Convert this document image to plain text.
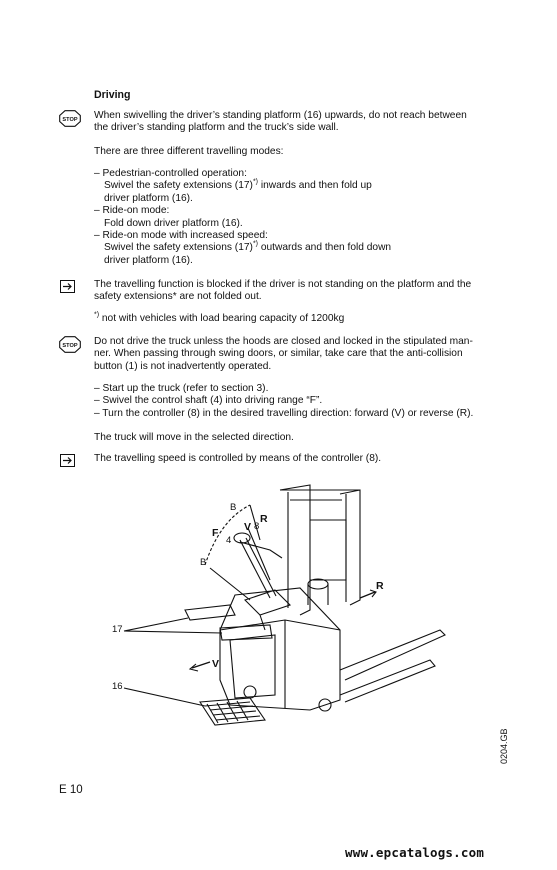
Driving
STOP When swivelling the driver’s standing platform (16) upwards, do not reach between
the driver’s standing platform and the truck’s side wall.
There are three different travelling modes:
– Pedestrian-controlled operation:
Swivel the safety extensions (17)*) inwards and then fold up
driver platform (16).
– Ride-on mode:
Fold down driver platform (16).
– Ride-on mode with increased speed:
Swivel the safety extensions (17)*) outwards and then fold down
driver platform (16).
The travelling function is blocked if the driver is not standing on the platform and the
safety extensions* are not folded out.
*) not with vehicles with load bearing capacity of 1200kg
STOP Do not drive the truck unless the hoods are closed and locked in the stipulated man-
ner. When passing through swing doors, or similar, take care that the anti-collision
button (1) is not inadvertently operated.
– Start up the truck (refer to section 3).
– Swivel the control shaft (4) into driving range “F”.
– Turn the controller (8) in the desired travelling direction: forward (V) or reverse (R).
The truck will move in the selected direction.
The travelling speed is controlled by means of the controller (8).
B
F
R
V 8
4
B
R
V
17
16
0204.GB
E 10
www.epcatalogs.com
